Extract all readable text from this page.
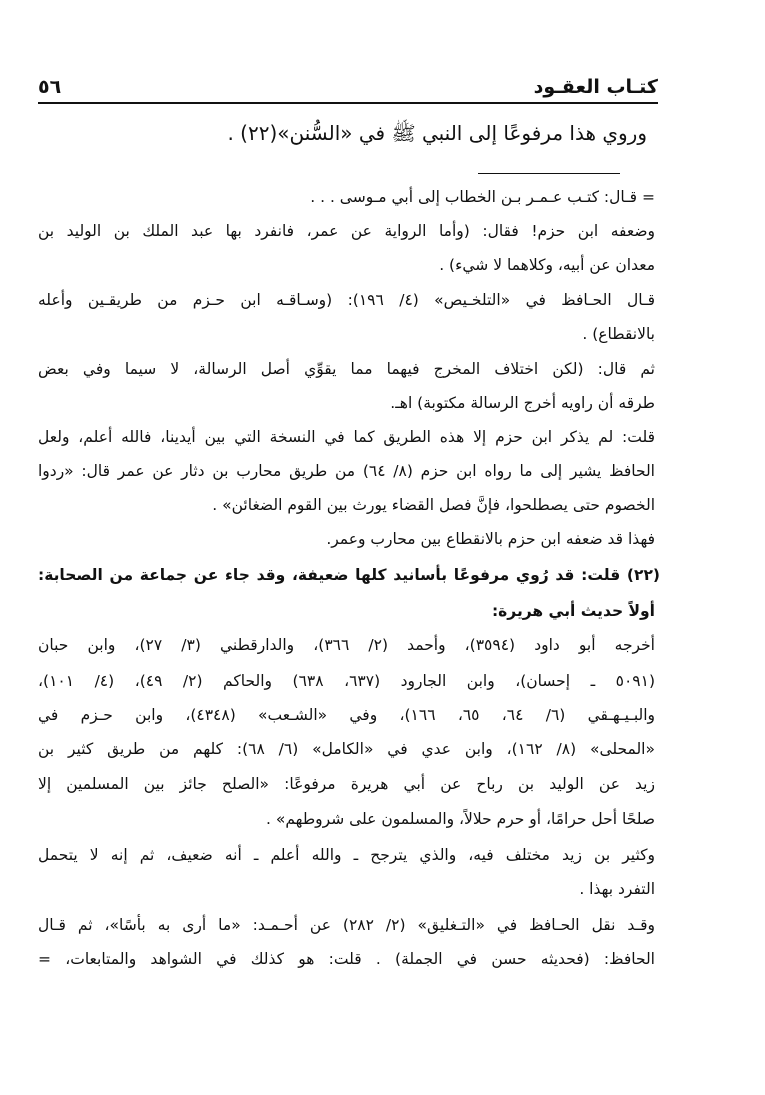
كتـاب العقـود
٥٦
وروي هذا مرفوعًا إلى النبي ﷺ في «السُّنن»(٢٢) .
= قـال: كتـب عـمـر بـن الخطاب إلى أبي مـوسى . . .
وضعفه ابن حزم! فقال: (وأما الرواية عن عمر، فانفرد بها عبد الملك بن الوليد بن
معدان عن أبيه، وكلاهما لا شيء) .
قـال الحـافظ في «التلخـيص» (٤/ ١٩٦): (وسـاقـه ابن حـزم من طريقـين وأعله
بالانقطاع) .
ثم قال: (لكن اختلاف المخرج فيهما مما يقوِّي أصل الرسالة، لا سيما وفي بعض
طرقه أن راويه أخرج الرسالة مكتوبة) اهـ.
قلت: لم يذكر ابن حزم إلا هذه الطريق كما في النسخة التي بين أيدينا، فالله أعلم، ولعل
الحافظ يشير إلى ما رواه ابن حزم (٨/ ٦٤) من طريق محارب بن دثار عن عمر قال: «ردوا
الخصوم حتى يصطلحوا، فإنَّ فصل القضاء يورث بين القوم الضغائن» .
فهذا قد ضعفه ابن حزم بالانقطاع بين محارب وعمر.
(٢٢) قلت: قد رُوي مرفوعًا بأسانيد كلها ضعيفة، وقد جاء عن جماعة من الصحابة:
أولاً حديث أبي هريرة:
أخرجه أبو داود (٣٥٩٤)، وأحمد (٢/ ٣٦٦)، والدارقطني (٣/ ٢٧)، وابن حبان
(٥٠٩١ ـ إحسان)، وابن الجارود (٦٣٧، ٦٣٨) والحاكم (٢/ ٤٩)، (٤/ ١٠١)،
والبـيـهـقي (٦/ ٦٤، ٦٥، ١٦٦)، وفي «الشـعب» (٤٣٤٨)، وابن حـزم في
«المحلى» (٨/ ١٦٢)، وابن عدي في «الكامل» (٦/ ٦٨): كلهم من طريق كثير بن
زيد عن الوليد بن رباح عن أبي هريرة مرفوعًا: «الصلح جائز بين المسلمين إلا
صلحًا أحل حرامًا، أو حرم حلالاً، والمسلمون على شروطهم» .
وكثير بن زيد مختلف فيه، والذي يترجح ـ والله أعلم ـ أنه ضعيف، ثم إنه لا يتحمل
التفرد بهذا .
وقـد نقل الحـافظ في «التـغليق» (٢/ ٢٨٢) عن أحـمـد: «ما أرى به بأسًا»، ثم قـال
الحافظ: (فحديثه حسن في الجملة) . قلت: هو كذلك في الشواهد والمتابعات، =
